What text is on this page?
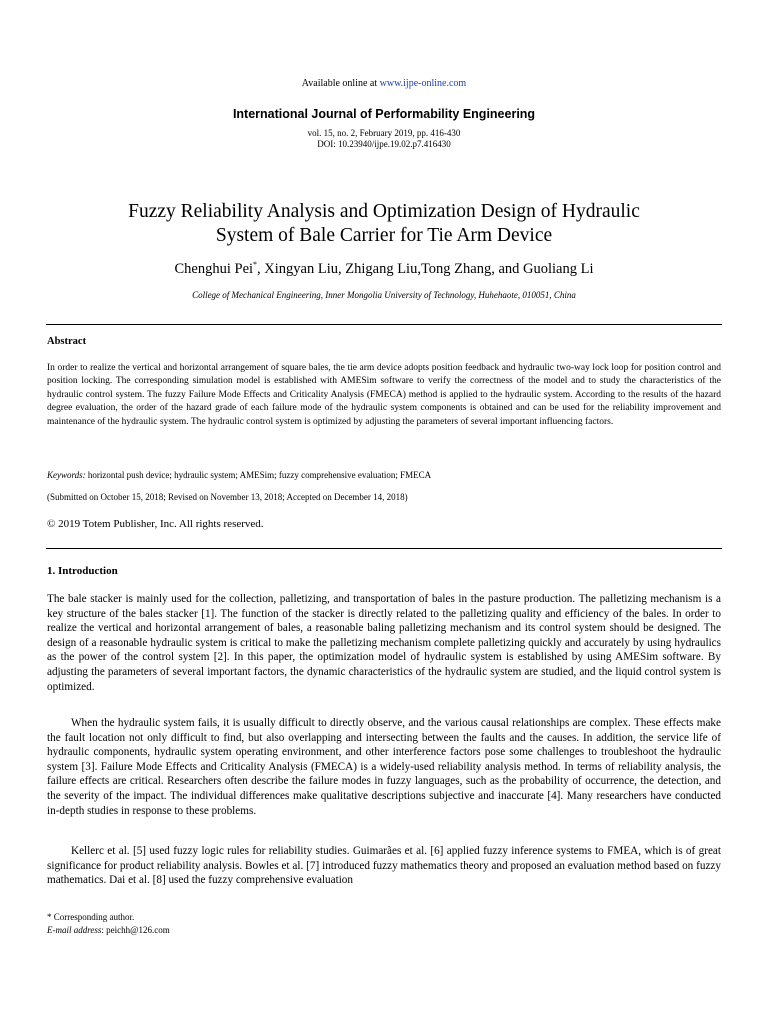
Available online at www.ijpe-online.com
International Journal of Performability Engineering
vol. 15, no. 2, February 2019, pp. 416-430
DOI: 10.23940/ijpe.19.02.p7.416430
Fuzzy Reliability Analysis and Optimization Design of Hydraulic
System of Bale Carrier for Tie Arm Device
Chenghui Pei*, Xingyan Liu, Zhigang Liu,Tong Zhang, and Guoliang Li
College of Mechanical Engineering, Inner Mongolia University of Technology, Huhehaote, 010051, China
Abstract
In order to realize the vertical and horizontal arrangement of square bales, the tie arm device adopts position feedback and hydraulic two-way lock loop for position control and position locking. The corresponding simulation model is established with AMESim software to verify the correctness of the model and to study the characteristics of the hydraulic control system. The fuzzy Failure Mode Effects and Criticality Analysis (FMECA) method is applied to the hydraulic system. According to the results of the hazard degree evaluation, the order of the hazard grade of each failure mode of the hydraulic system components is obtained and can be used for the reliability improvement and maintenance of the hydraulic system. The hydraulic control system is optimized by adjusting the parameters of several important influencing factors.
Keywords: horizontal push device; hydraulic system; AMESim; fuzzy comprehensive evaluation; FMECA
(Submitted on October 15, 2018; Revised on November 13, 2018; Accepted on December 14, 2018)
© 2019 Totem Publisher, Inc. All rights reserved.
1. Introduction
The bale stacker is mainly used for the collection, palletizing, and transportation of bales in the pasture production. The palletizing mechanism is a key structure of the bales stacker [1]. The function of the stacker is directly related to the palletizing quality and efficiency of the bales. In order to realize the vertical and horizontal arrangement of bales, a reasonable baling palletizing mechanism and its control system should be designed. The design of a reasonable hydraulic system is critical to make the palletizing mechanism complete palletizing quickly and accurately by using hydraulics as the power of the control system [2]. In this paper, the optimization model of hydraulic system is established by using AMESim software. By adjusting the parameters of several important factors, the dynamic characteristics of the hydraulic system are studied, and the liquid control system is optimized.
When the hydraulic system fails, it is usually difficult to directly observe, and the various causal relationships are complex. These effects make the fault location not only difficult to find, but also overlapping and intersecting between the faults and the causes. In addition, the service life of hydraulic components, hydraulic system operating environment, and other interference factors pose some challenges to troubleshoot the hydraulic system [3]. Failure Mode Effects and Criticality Analysis (FMECA) is a widely-used reliability analysis method. In terms of reliability analysis, the failure effects are critical. Researchers often describe the failure modes in fuzzy languages, such as the probability of occurrence, the detection, and the severity of the impact. The individual differences make qualitative descriptions subjective and inaccurate [4]. Many researchers have conducted in-depth studies in response to these problems.
Kellerc et al. [5] used fuzzy logic rules for reliability studies. Guimarães et al. [6] applied fuzzy inference systems to FMEA, which is of great significance for product reliability analysis. Bowles et al. [7] introduced fuzzy mathematics theory and proposed an evaluation method based on fuzzy mathematics. Dai et al. [8] used the fuzzy comprehensive evaluation
* Corresponding author.
E-mail address: peichh@126.com
